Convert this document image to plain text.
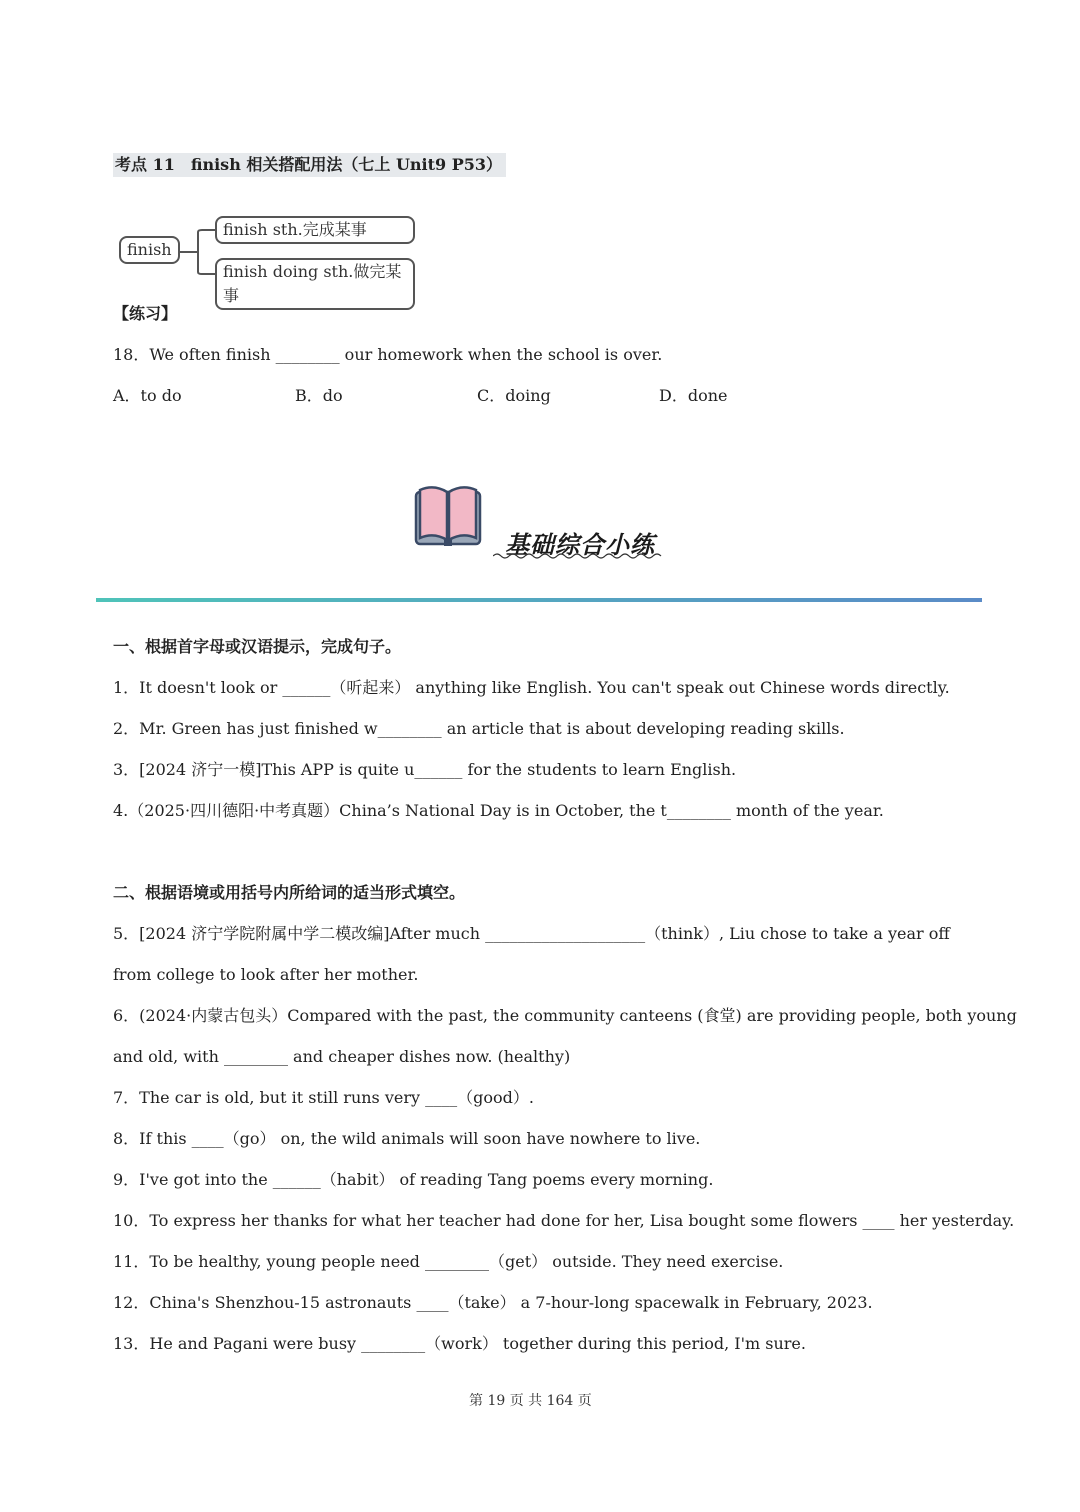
考点 11　finish 相关搭配用法（七上 Unit9 P53）
finish
finish sth.完成某事
finish doing sth.做完某事
【练习】
18．We often finish ________ our homework when the school is over.
A．to do	B．do	C．doing	D．done
基础综合小练
一、根据首字母或汉语提示，完成句子。
1．It doesn't look or ______（听起来） anything like English. You can't speak out Chinese words directly.
2．Mr. Green has just finished w________ an article that is about developing reading skills.
3．[2024 济宁一模]This APP is quite u______ for the students to learn English.
4.（2025·四川德阳·中考真题）China’s National Day is in October, the t________ month of the year.
二、根据语境或用括号内所给词的适当形式填空。
5．[2024 济宁学院附属中学二模改编]After much ____________________（think）, Liu chose to take a year off
from college to look after her mother.
6．(2024·内蒙古包头）Compared with the past, the community canteens (食堂) are providing people, both young
and old, with ________ and cheaper dishes now. (healthy)
7．The car is old, but it still runs very ____（good）.
8．If this ____（go） on, the wild animals will soon have nowhere to live.
9．I've got into the ______（habit） of reading Tang poems every morning.
10．To express her thanks for what her teacher had done for her, Lisa bought some flowers ____ her yesterday.
11．To be healthy, young people need ________（get） outside. They need exercise.
12．China's Shenzhou-15 astronauts ____（take） a 7-hour-long spacewalk in February, 2023.
13．He and Pagani were busy ________（work） together during this period, I'm sure.
第 19 页 共 164 页
